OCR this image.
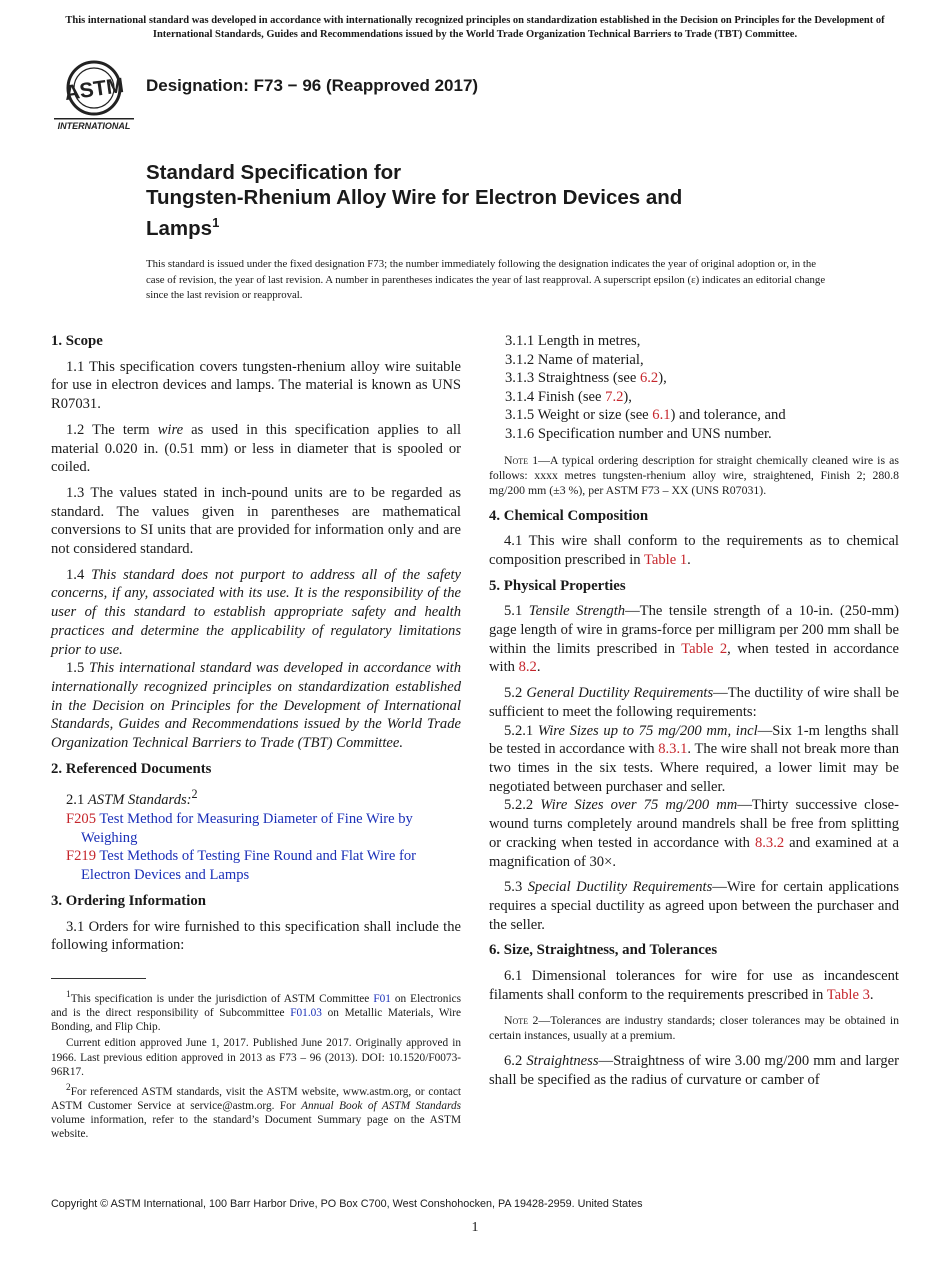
This international standard was developed in accordance with internationally recognized principles on standardization established in the Decision on Principles for the Development of International Standards, Guides and Recommendations issued by the World Trade Organization Technical Barriers to Trade (TBT) Committee.
ASTM
INTERNATIONAL
Designation: F73 − 96 (Reapproved 2017)
Standard Specification for
Tungsten-Rhenium Alloy Wire for Electron Devices and
Lamps$^1$
This standard is issued under the fixed designation F73; the number immediately following the designation indicates the year of original adoption or, in the case of revision, the year of last revision. A number in parentheses indicates the year of last reapproval. A superscript epsilon (ε) indicates an editorial change since the last revision or reapproval.
1. Scope

1.1 This specification covers tungsten-rhenium alloy wire suitable for use in electron devices and lamps. The material is known as UNS R07031.

1.2 The term wire as used in this specification applies to all material 0.020 in. (0.51 mm) or less in diameter that is spooled or coiled.

1.3 The values stated in inch-pound units are to be regarded as standard. The values given in parentheses are mathematical conversions to SI units that are provided for information only and are not considered standard.

1.4 This standard does not purport to address all of the safety concerns, if any, associated with its use. It is the responsibility of the user of this standard to establish appropriate safety and health practices and determine the applicability of regulatory limitations prior to use.

1.5 This international standard was developed in accordance with internationally recognized principles on standardization established in the Decision on Principles for the Development of International Standards, Guides and Recommendations issued by the World Trade Organization Technical Barriers to Trade (TBT) Committee.

2. Referenced Documents

2.1 ASTM Standards:$^2$

F205 Test Method for Measuring Diameter of Fine Wire by Weighing
F219 Test Methods of Testing Fine Round and Flat Wire for Electron Devices and Lamps
3. Ordering Information

3.1 Orders for wire furnished to this specification shall include the following information:

$^1$This specification is under the jurisdiction of ASTM Committee F01 on Electronics and is the direct responsibility of Subcommittee F01.03 on Metallic Materials, Wire Bonding, and Flip Chip.

Current edition approved June 1, 2017. Published June 2017. Originally approved in 1966. Last previous edition approved in 2013 as F73 – 96 (2013). DOI: 10.1520/F0073-96R17.

$^2$For referenced ASTM standards, visit the ASTM website, www.astm.org, or contact ASTM Customer Service at service@astm.org. For Annual Book of ASTM Standards volume information, refer to the standard’s Document Summary page on the ASTM website.

3.1.1 Length in metres,
3.1.2 Name of material,
3.1.3 Straightness (see 6.2),
3.1.4 Finish (see 7.2),
3.1.5 Weight or size (see 6.1) and tolerance, and
3.1.6 Specification number and UNS number.
Note 1—A typical ordering description for straight chemically cleaned wire is as follows: xxxx metres tungsten-rhenium alloy wire, straightened, Finish 2; 280.8 mg/200 mm (±3 %), per ASTM F73 – XX (UNS R07031).
4. Chemical Composition

4.1 This wire shall conform to the requirements as to chemical composition prescribed in Table 1.

5. Physical Properties

5.1 Tensile Strength—The tensile strength of a 10-in. (250-mm) gage length of wire in grams-force per milligram per 200 mm shall be within the limits prescribed in Table 2, when tested in accordance with 8.2.

5.2 General Ductility Requirements—The ductility of wire shall be sufficient to meet the following requirements:

5.2.1 Wire Sizes up to 75 mg/200 mm, incl—Six 1-m lengths shall be tested in accordance with 8.3.1. The wire shall not break more than two times in the six tests. Where required, a lower limit may be negotiated between purchaser and seller.

5.2.2 Wire Sizes over 75 mg/200 mm—Thirty successive close-wound turns completely around mandrels shall be free from splitting or cracking when tested in accordance with 8.3.2 and examined at a magnification of 30×.

5.3 Special Ductility Requirements—Wire for certain applications requires a special ductility as agreed upon between the purchaser and the seller.

6. Size, Straightness, and Tolerances

6.1 Dimensional tolerances for wire for use as incandescent filaments shall conform to the requirements prescribed in Table 3.

Note 2—Tolerances are industry standards; closer tolerances may be obtained in certain instances, usually at a premium.

6.2 Straightness—Straightness of wire 3.00 mg/200 mm and larger shall be specified as the radius of curvature or camber of

Copyright © ASTM International, 100 Barr Harbor Drive, PO Box C700, West Conshohocken, PA 19428-2959. United States
1
